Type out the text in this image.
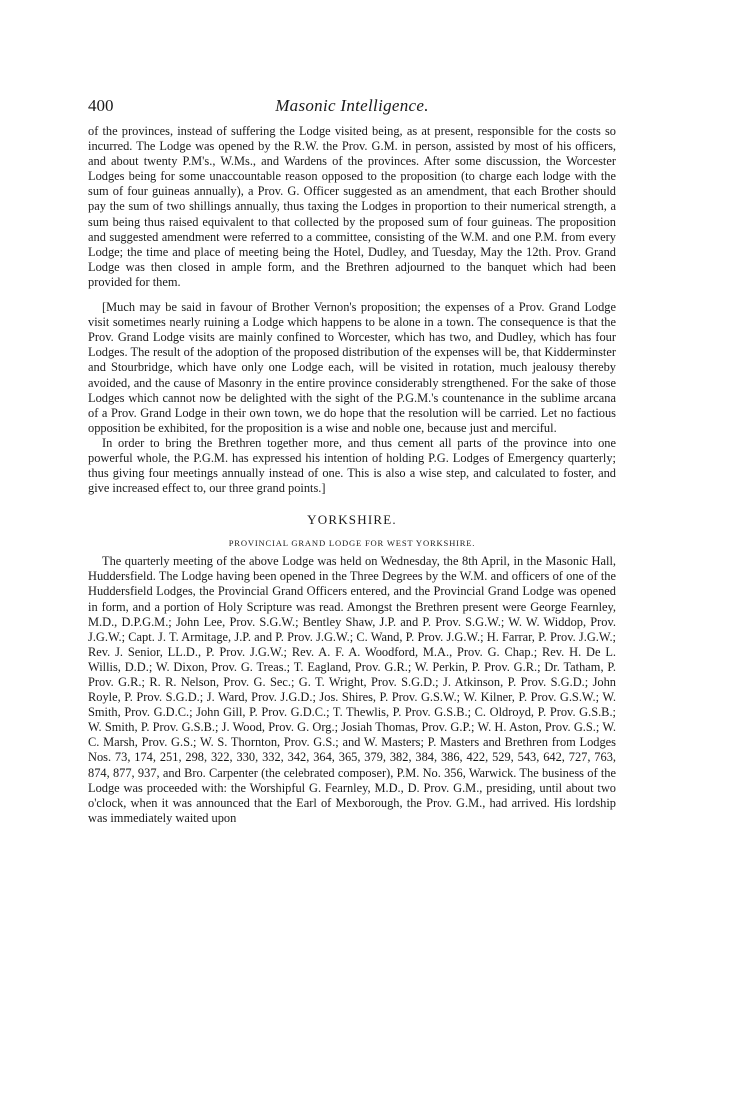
400	Masonic Intelligence.

of the provinces, instead of suffering the Lodge visited being, as at present, responsible for the costs so incurred. The Lodge was opened by the R.W. the Prov. G.M. in person, assisted by most of his officers, and about twenty P.M's., W.Ms., and Wardens of the provinces. After some discussion, the Worcester Lodges being for some unaccountable reason opposed to the proposition (to charge each lodge with the sum of four guineas annually), a Prov. G. Officer suggested as an amendment, that each Brother should pay the sum of two shillings annually, thus taxing the Lodges in proportion to their numerical strength, a sum being thus raised equivalent to that collected by the proposed sum of four guineas. The proposition and suggested amendment were referred to a committee, consisting of the W.M. and one P.M. from every Lodge; the time and place of meeting being the Hotel, Dudley, and Tuesday, May the 12th. Prov. Grand Lodge was then closed in ample form, and the Brethren adjourned to the banquet which had been provided for them.

[Much may be said in favour of Brother Vernon's proposition; the expenses of a Prov. Grand Lodge visit sometimes nearly ruining a Lodge which happens to be alone in a town. The consequence is that the Prov. Grand Lodge visits are mainly confined to Worcester, which has two, and Dudley, which has four Lodges. The result of the adoption of the proposed distribution of the expenses will be, that Kidderminster and Stourbridge, which have only one Lodge each, will be visited in rotation, much jealousy thereby avoided, and the cause of Masonry in the entire province considerably strengthened. For the sake of those Lodges which cannot now be delighted with the sight of the P.G.M.'s countenance in the sublime arcana of a Prov. Grand Lodge in their own town, we do hope that the resolution will be carried. Let no factious opposition be exhibited, for the proposition is a wise and noble one, because just and merciful.

In order to bring the Brethren together more, and thus cement all parts of the province into one powerful whole, the P.G.M. has expressed his intention of holding P.G. Lodges of Emergency quarterly; thus giving four meetings annually instead of one. This is also a wise step, and calculated to foster, and give increased effect to, our three grand points.]

YORKSHIRE.
PROVINCIAL GRAND LODGE FOR WEST YORKSHIRE.

The quarterly meeting of the above Lodge was held on Wednesday, the 8th April, in the Masonic Hall, Huddersfield. The Lodge having been opened in the Three Degrees by the W.M. and officers of one of the Huddersfield Lodges, the Provincial Grand Officers entered, and the Provincial Grand Lodge was opened in form, and a portion of Holy Scripture was read. Amongst the Brethren present were George Fearnley, M.D., D.P.G.M.; John Lee, Prov. S.G.W.; Bentley Shaw, J.P. and P. Prov. S.G.W.; W. W. Widdop, Prov. J.G.W.; Capt. J. T. Armitage, J.P. and P. Prov. J.G.W.; C. Wand, P. Prov. J.G.W.; H. Farrar, P. Prov. J.G.W.; Rev. J. Senior, LL.D., P. Prov. J.G.W.; Rev. A. F. A. Woodford, M.A., Prov. G. Chap.; Rev. H. De L. Willis, D.D.; W. Dixon, Prov. G. Treas.; T. Eagland, Prov. G.R.; W. Perkin, P. Prov. G.R.; Dr. Tatham, P. Prov. G.R.; R. R. Nelson, Prov. G. Sec.; G. T. Wright, Prov. S.G.D.; J. Atkinson, P. Prov. S.G.D.; John Royle, P. Prov. S.G.D.; J. Ward, Prov. J.G.D.; Jos. Shires, P. Prov. G.S.W.; W. Kilner, P. Prov. G.S.W.; W. Smith, Prov. G.D.C.; John Gill, P. Prov. G.D.C.; T. Thewlis, P. Prov. G.S.B.; C. Oldroyd, P. Prov. G.S.B.; W. Smith, P. Prov. G.S.B.; J. Wood, Prov. G. Org.; Josiah Thomas, Prov. G.P.; W. H. Aston, Prov. G.S.; W. C. Marsh, Prov. G.S.; W. S. Thornton, Prov. G.S.; and W. Masters; P. Masters and Brethren from Lodges Nos. 73, 174, 251, 298, 322, 330, 332, 342, 364, 365, 379, 382, 384, 386, 422, 529, 543, 642, 727, 763, 874, 877, 937, and Bro. Carpenter (the celebrated composer), P.M. No. 356, Warwick. The business of the Lodge was proceeded with: the Worshipful G. Fearnley, M.D., D. Prov. G.M., presiding, until about two o'clock, when it was announced that the Earl of Mexborough, the Prov. G.M., had arrived. His lordship was immediately waited upon
